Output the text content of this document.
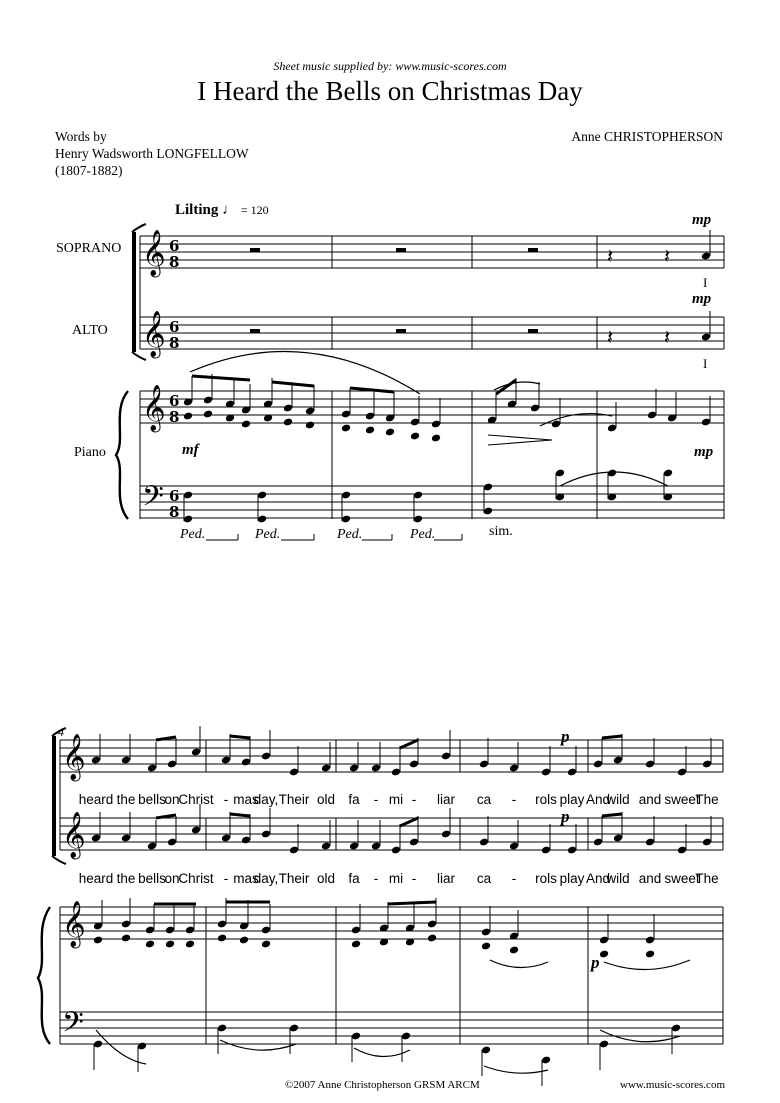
Sheet music supplied by: www.music-scores.com
I Heard the Bells on Christmas Day
Words by
Henry Wadsworth LONGFELLOW
(1807-1882)
Anne CHRISTOPHERSON
Lilting ♩ = 120
SOPRANO
ALTO
Piano
mp
mp
mf	mp
I
I
Ped.	Ped.	Ped.	Ped.	sim.
4	p
p
p
heard the bells
on
Christ - mas
day, Their old fa	- mi -	liar	ca	-	rols play And
wild and sweet
The
heard the bells
on
Christ - mas
day, Their old fa	- mi -	liar	ca	-	rols play And
wild and sweet
The
©2007 Anne Christopherson GRSM ARCM	www.music-scores.com
𝄞 6
8
𝄞 6
8
𝄞 6
8
𝄢 6
8
𝄽	𝄽
𝄽	𝄽
𝄞
𝄞
𝄞
𝄢
